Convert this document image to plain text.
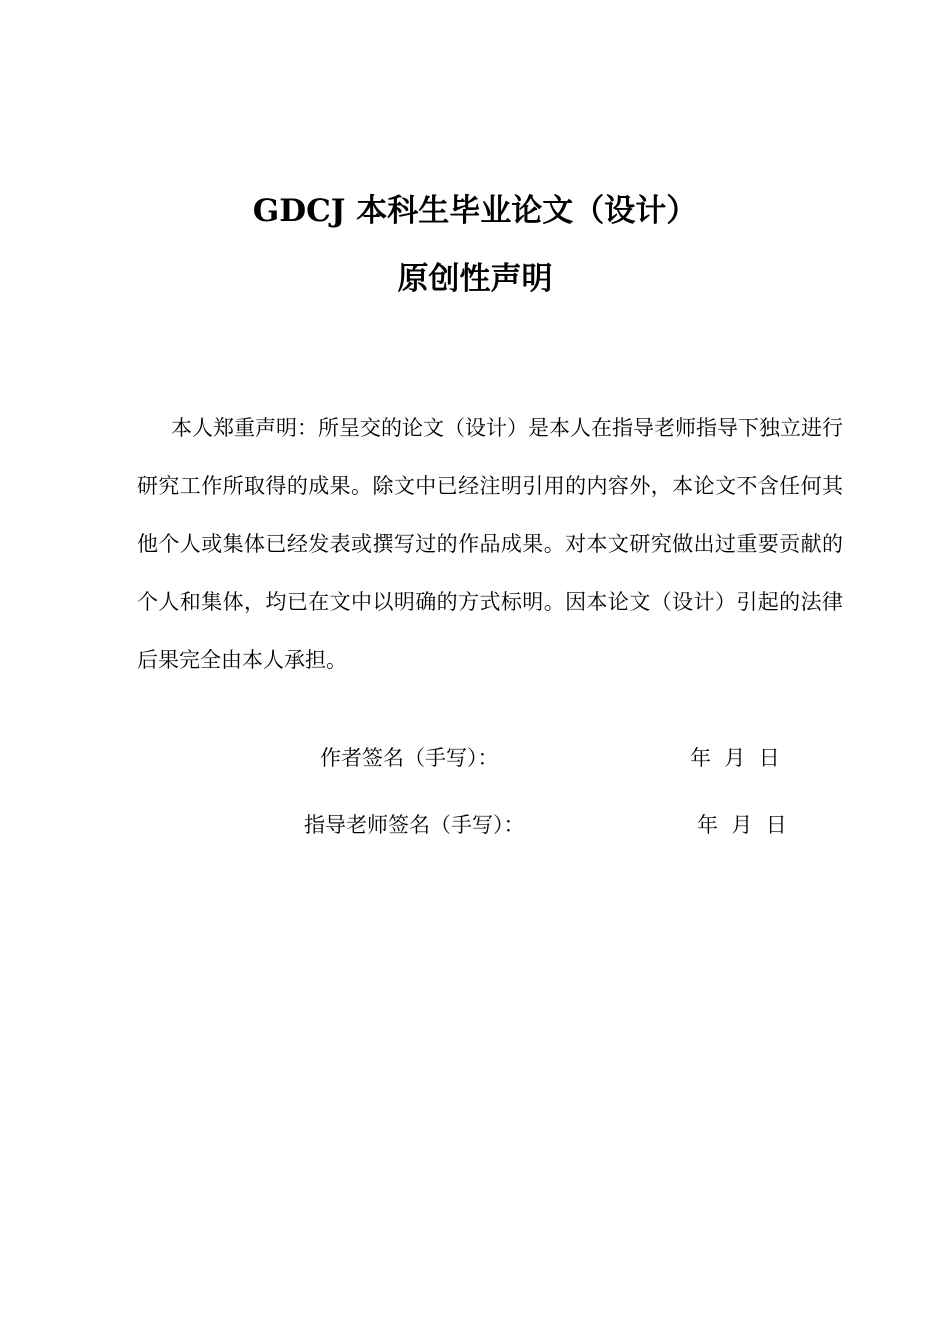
GDCJ 本科生毕业论文（设计）
原创性声明
本人郑重声明：所呈交的论文（设计）是本人在指导老师指导下独立进行研究工作所取得的成果。除文中已经注明引用的内容外，本论文不含任何其他个人或集体已经发表或撰写过的作品成果。对本文研究做出过重要贡献的个人和集体，均已在文中以明确的方式标明。因本论文（设计）引起的法律后果完全由本人承担。
作者签名（手写）：	年  月  日
指导老师签名（手写）：	年  月  日
